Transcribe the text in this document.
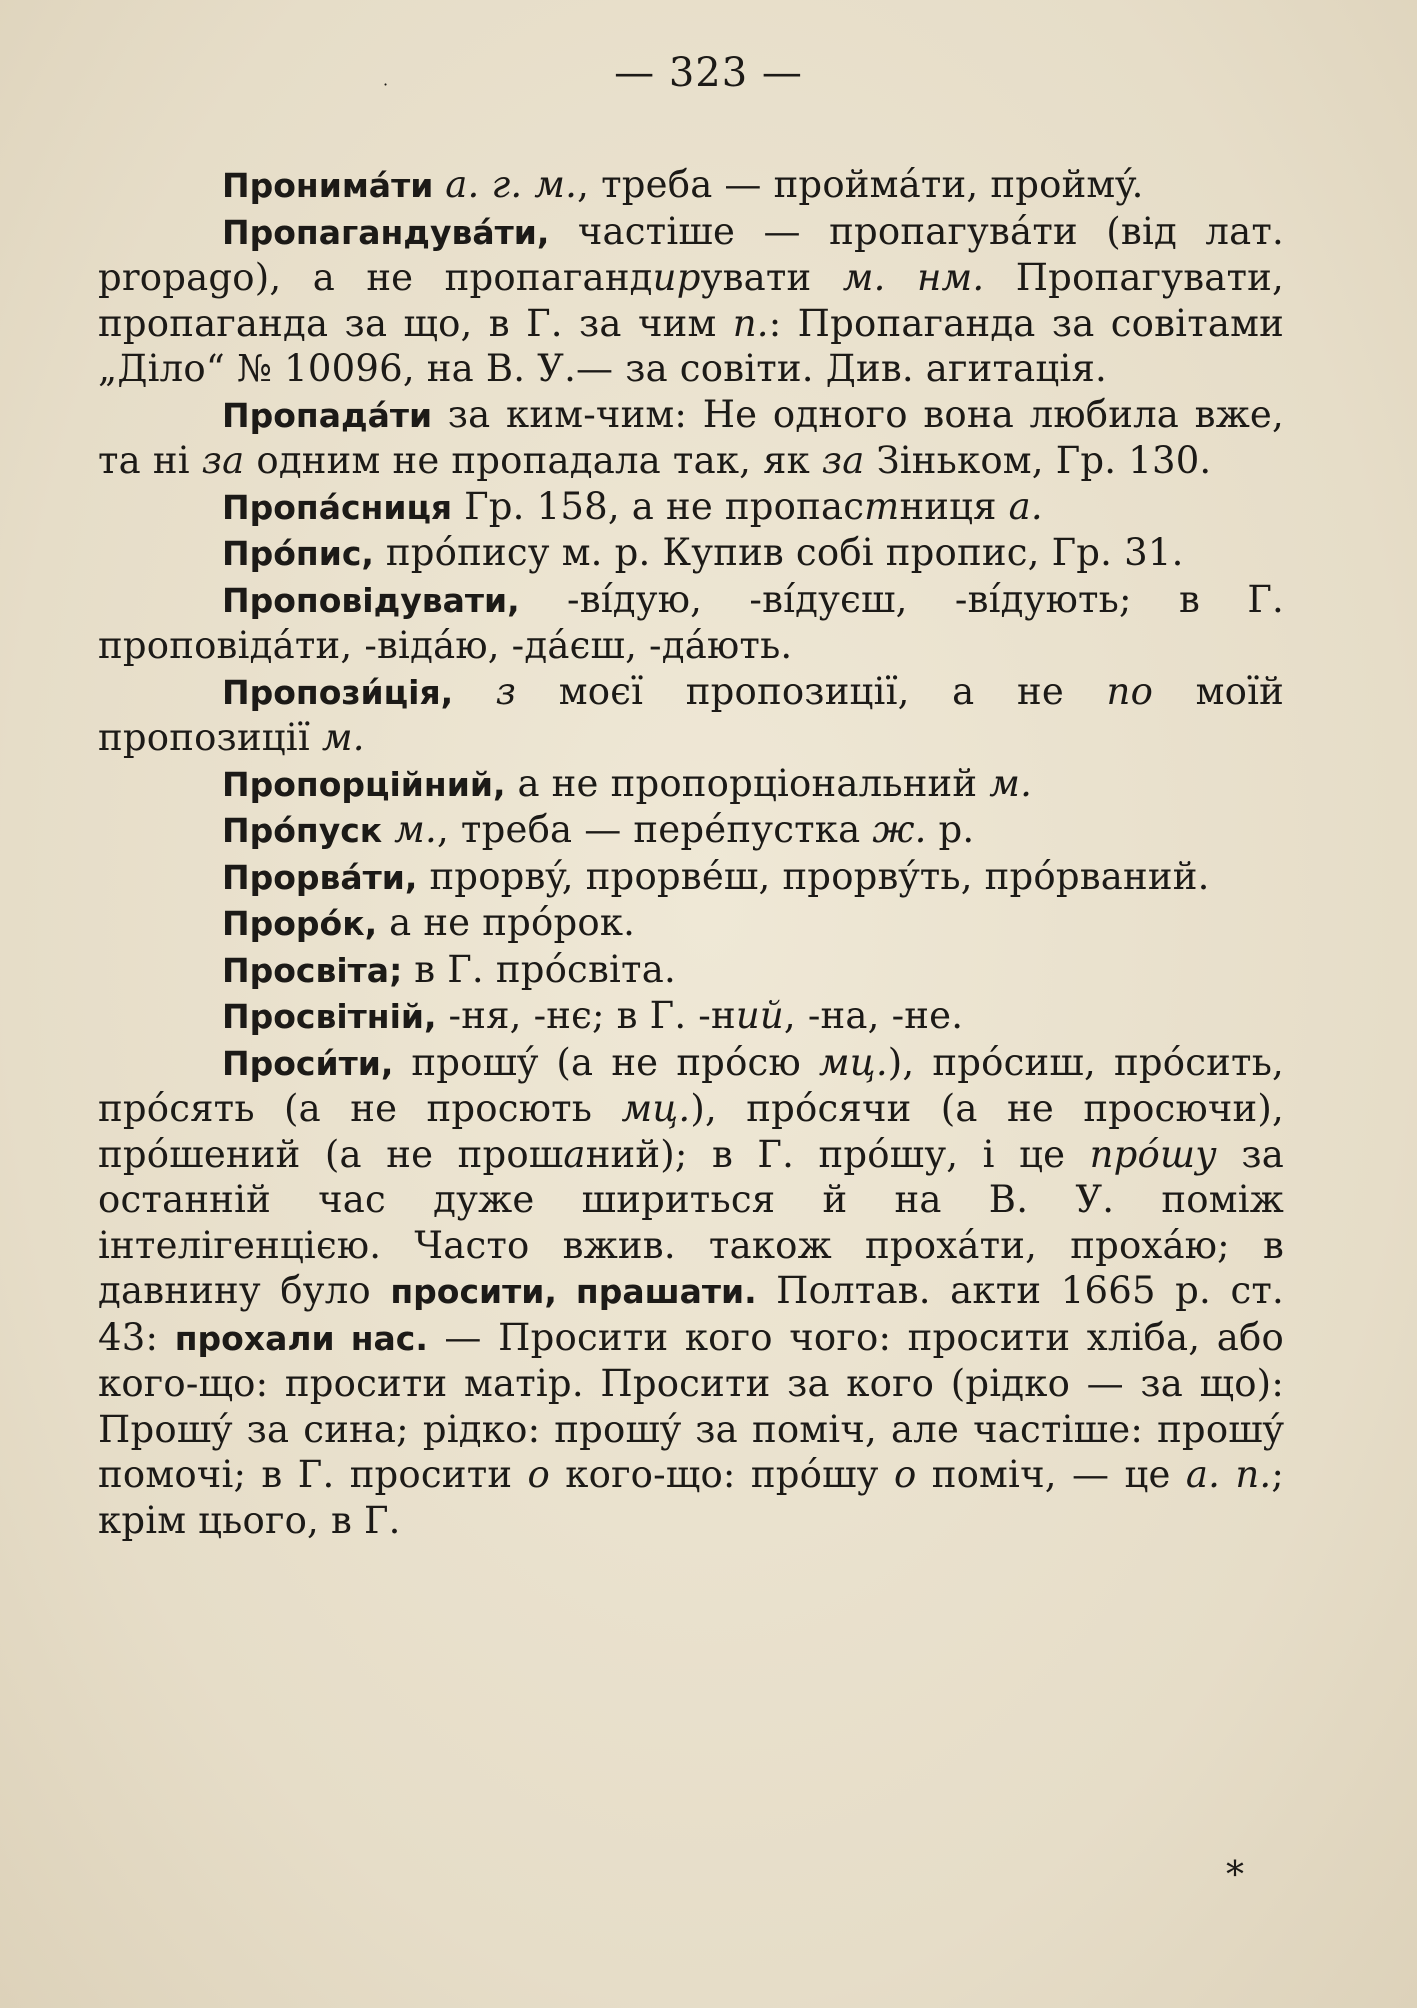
·	— 323 —

Пронимáти а. г. м., треба — проймáти, проймý.

Пропагандувáти, частіше — пропагувáти (від лат. propago), а не пропагандирувати м. нм. Пропагувати, пропаганда за що, в Г. за чим п.: Пропаганда за совітами „Діло“ № 10096, на В. У.— за совіти. Див. агитація.

Пропадáти за ким-чим: Не одного вона любила вже, та ні за одним не пропадала так, як за Зіньком, Гр. 130.

Пропáсниця Гр. 158, а не пропастниця а.

Прóпис, прóпису м. р. Купив собі пропис, Гр. 31.

Проповідувати, -вíдую, -вíдуєш, -вíдують; в Г. проповідáти, -відáю, -дáєш, -дáють.

Пропози́ція, з моєї пропозиції, а не по моїй пропозиції м.

Пропорційний, а не пропорціональний м.

Прóпуск м., треба — перéпустка ж. р.

Прорвáти, прорвý, прорвéш, прорвýть, прóрваний.

Прорóк, а не прóрок.

Просвіта; в Г. прóсвіта.

Просвітній, -ня, -нє; в Г. -ний, -на, -не.

Проси́ти, прошý (а не прóсю мц.), прóсиш, прóсить, прóсять (а не просють мц.), прóсячи (а не просючи), прóшений (а не прошаний); в Г. прóшу, і це прóшу за останній час дуже шириться й на В. У. поміж інтелігенцією. Часто вжив. також прохáти, прохáю; в давнину було просити, прашати. Полтав. акти 1665 р. ст. 43: прохали нас. — Просити кого чого: просити хліба, або кого-що: просити матір. Просити за кого (рідко — за що): Прошý за сина; рідко: прошý за поміч, але частіше: прошý помочі; в Г. просити о кого-що: прóшу о поміч, — це а. п.; крім цього, в Г.

*
